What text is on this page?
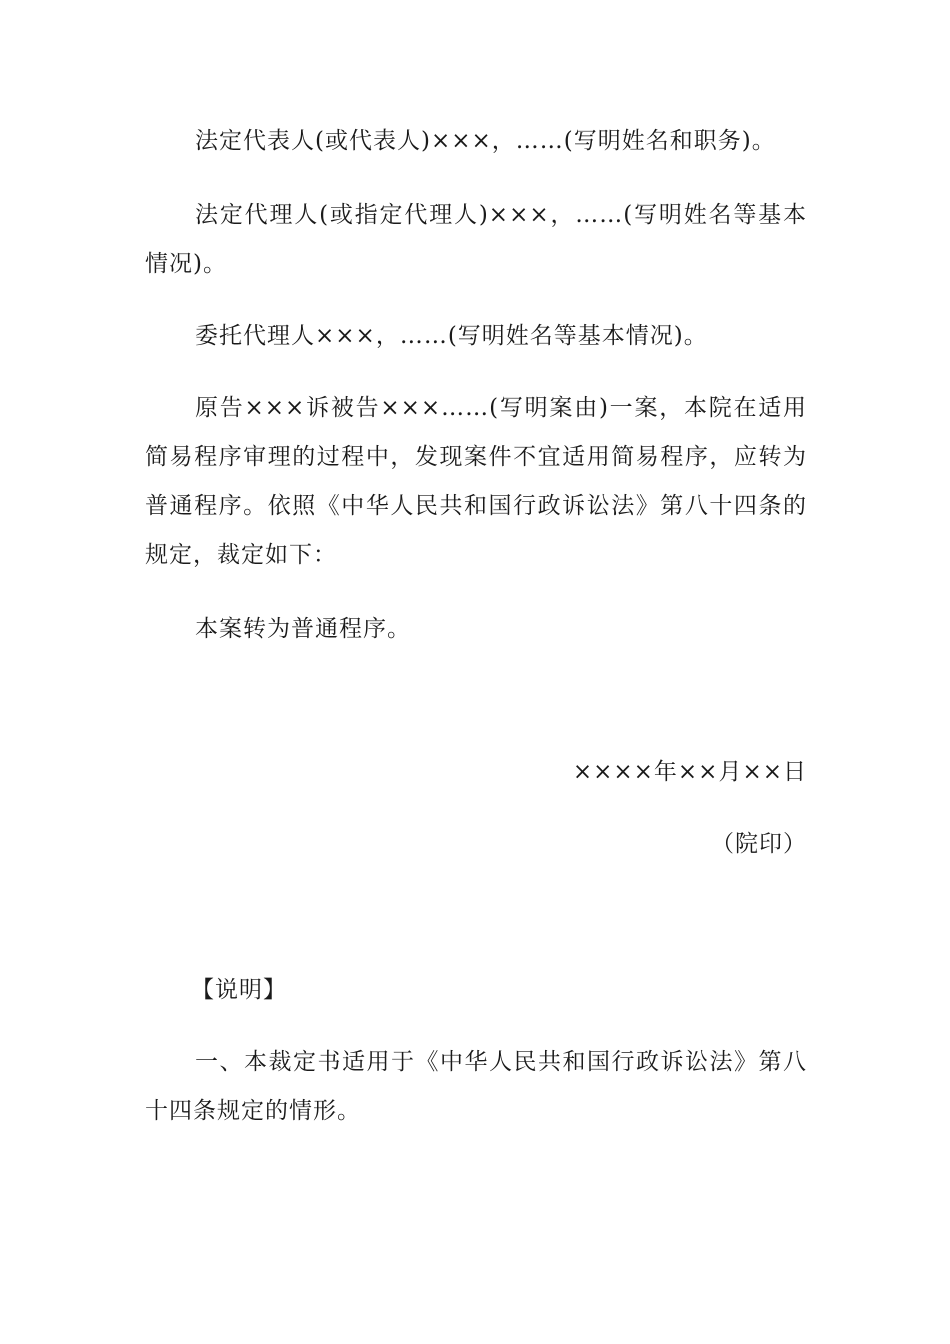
法定代表人(或代表人)×××，……(写明姓名和职务)。

法定代理人(或指定代理人)×××，……(写明姓名等基本情况)。

委托代理人×××，……(写明姓名等基本情况)。

原告×××诉被告×××……(写明案由)一案，本院在适用简易程序审理的过程中，发现案件不宜适用简易程序，应转为普通程序。依照《中华人民共和国行政诉讼法》第八十四条的规定，裁定如下：

本案转为普通程序。

××××年××月××日

（院印）

【说明】

一、本裁定书适用于《中华人民共和国行政诉讼法》第八十四条规定的情形。
